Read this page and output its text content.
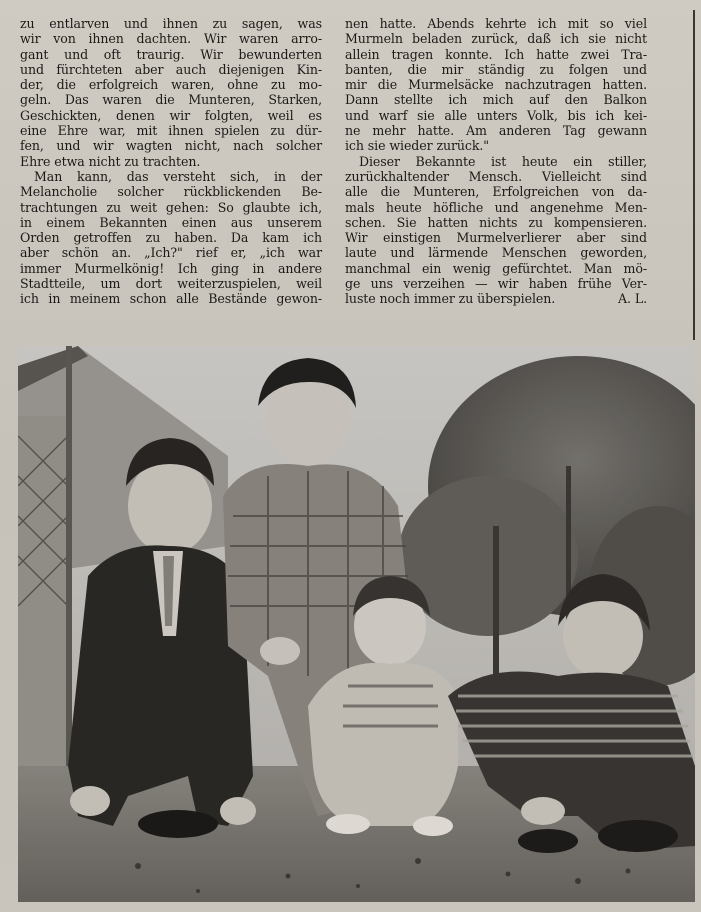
zu entlarven und ihnen zu sagen, was
wir von ihnen dachten. Wir waren arro-
gant und oft traurig. Wir bewunderten
und fürchteten aber auch diejenigen Kin-
der, die erfolgreich waren, ohne zu mo-
geln. Das waren die Munteren, Starken,
Geschickten, denen wir folgten, weil es
eine Ehre war, mit ihnen spielen zu dür-
fen, und wir wagten nicht, nach solcher
Ehre etwa nicht zu trachten.

Man kann, das versteht sich, in der
Melancholie solcher rückblickenden Be-
trachtungen zu weit gehen: So glaubte ich,
in einem Bekannten einen aus unserem
Orden getroffen zu haben. Da kam ich
aber schön an. „Ich?" rief er, „ich war
immer Murmelkönig! Ich ging in andere
Stadtteile, um dort weiterzuspielen, weil
ich in meinem schon alle Bestände gewon-

nen hatte. Abends kehrte ich mit so viel
Murmeln beladen zurück, daß ich sie nicht
allein tragen konnte. Ich hatte zwei Tra-
banten, die mir ständig zu folgen und
mir die Murmelsäcke nachzutragen hatten.
Dann stellte ich mich auf den Balkon
und warf sie alle unters Volk, bis ich kei-
ne mehr hatte. Am anderen Tag gewann
ich sie wieder zurück."

Dieser Bekannte ist heute ein stiller,
zurückhaltender Mensch. Vielleicht sind
alle die Munteren, Erfolgreichen von da-
mals heute höfliche und angenehme Men-
schen. Sie hatten nichts zu kompensieren.
Wir einstigen Murmelverlierer aber sind
laute und lärmende Menschen geworden,
manchmal ein wenig gefürchtet. Man mö-
ge uns verzeihen — wir haben frühe Ver-
luste noch immer zu überspielen.	A. L.
